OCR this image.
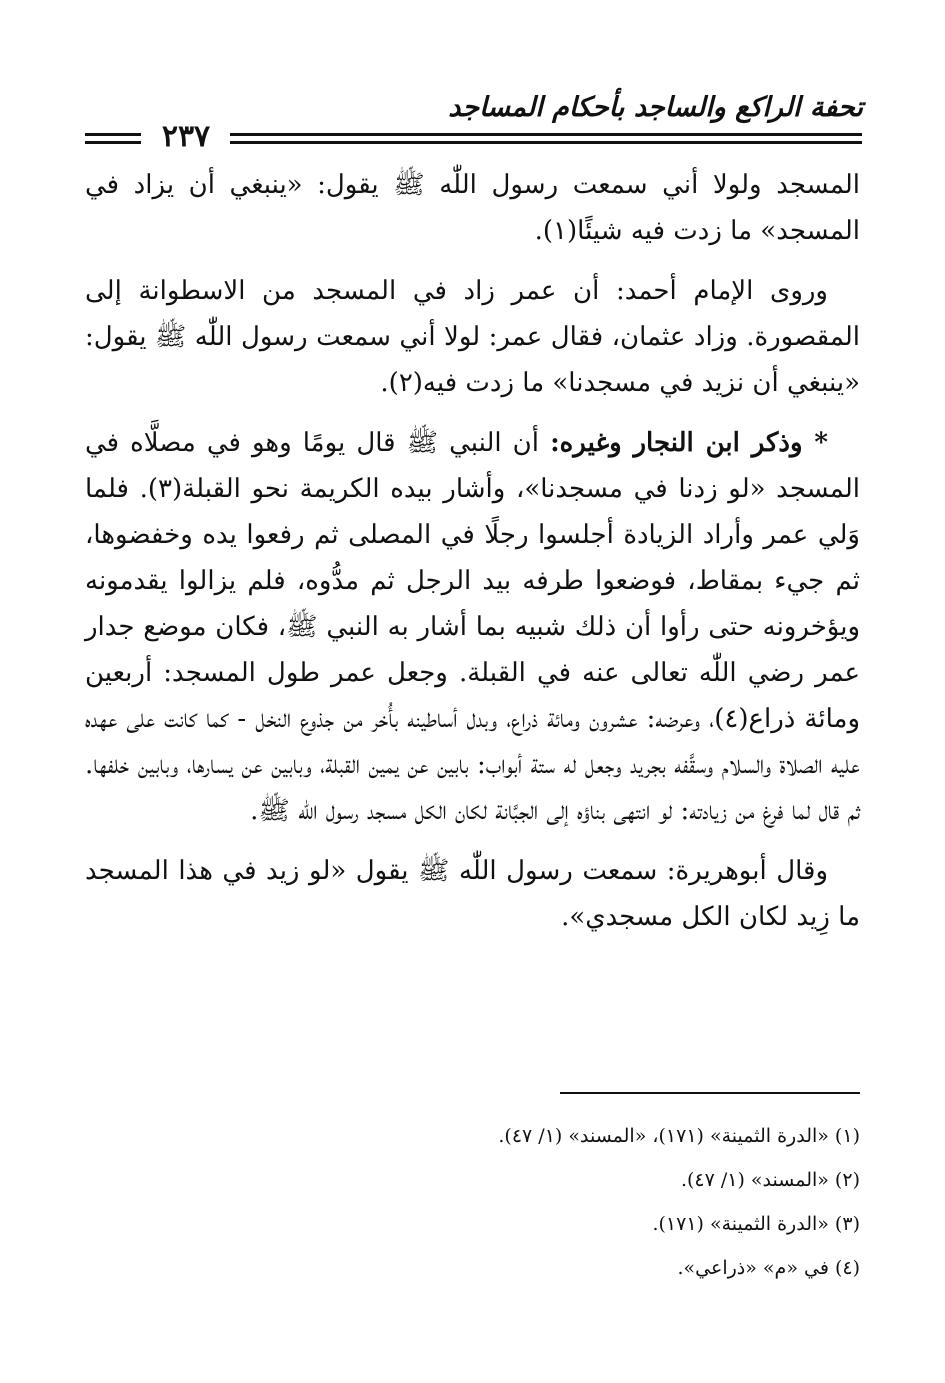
تحفة الراكع والساجد بأحكام المساجد
٢٣٧

المسجد ولولا أني سمعت رسول اللّٰه ﷺ يقول: «ينبغي أن يزاد في المسجد» ما زدت فيه شيئًا(١).

وروى الإمام أحمد: أن عمر زاد في المسجد من الاسطوانة إلى المقصورة. وزاد عثمان، فقال عمر: لولا أني سمعت رسول اللّٰه ﷺ يقول: «ينبغي أن نزيد في مسجدنا» ما زدت فيه(٢).

* وذكر ابن النجار وغيره: أن النبي ﷺ قال يومًا وهو في مصلَّاه في المسجد «لو زدنا في مسجدنا»، وأشار بيده الكريمة نحو القبلة(٣). فلما وَلي عمر وأراد الزيادة أجلسوا رجلًا في المصلى ثم رفعوا يده وخفضوها، ثم جيء بمقاط، فوضعوا طرفه بيد الرجل ثم مدُّوه، فلم يزالوا يقدمونه ويؤخرونه حتى رأوا أن ذلك شبيه بما أشار به النبي ﷺ، فكان موضع جدار عمر رضي اللّٰه تعالى عنه في القبلة. وجعل عمر طول المسجد: أربعين ومائة ذراع(٤)، وعرضه: عشرون ومائة ذراع، وبدل أساطينه بأُخر من جذوع النخل - كما كانت على عهده عليه الصلاة والسلام وسقَّفه بجريد وجعل له ستة أبواب: بابين عن يمين القبلة، وبابين عن يسارها، وبابين خلفها. ثم قال لما فرغ من زيادته: لو انتهى بناؤه إلى الجبَّانة لكان الكل مسجد رسول اللّٰه ﷺ.

وقال أبوهريرة: سمعت رسول اللّٰه ﷺ يقول «لو زيد في هذا المسجد ما زِيد لكان الكل مسجدي».

(١) «الدرة الثمينة» (١٧١)، «المسند» (١/ ٤٧).
(٢) «المسند» (١/ ٤٧).
(٣) «الدرة الثمينة» (١٧١).
(٤) في «م» «ذراعي».
